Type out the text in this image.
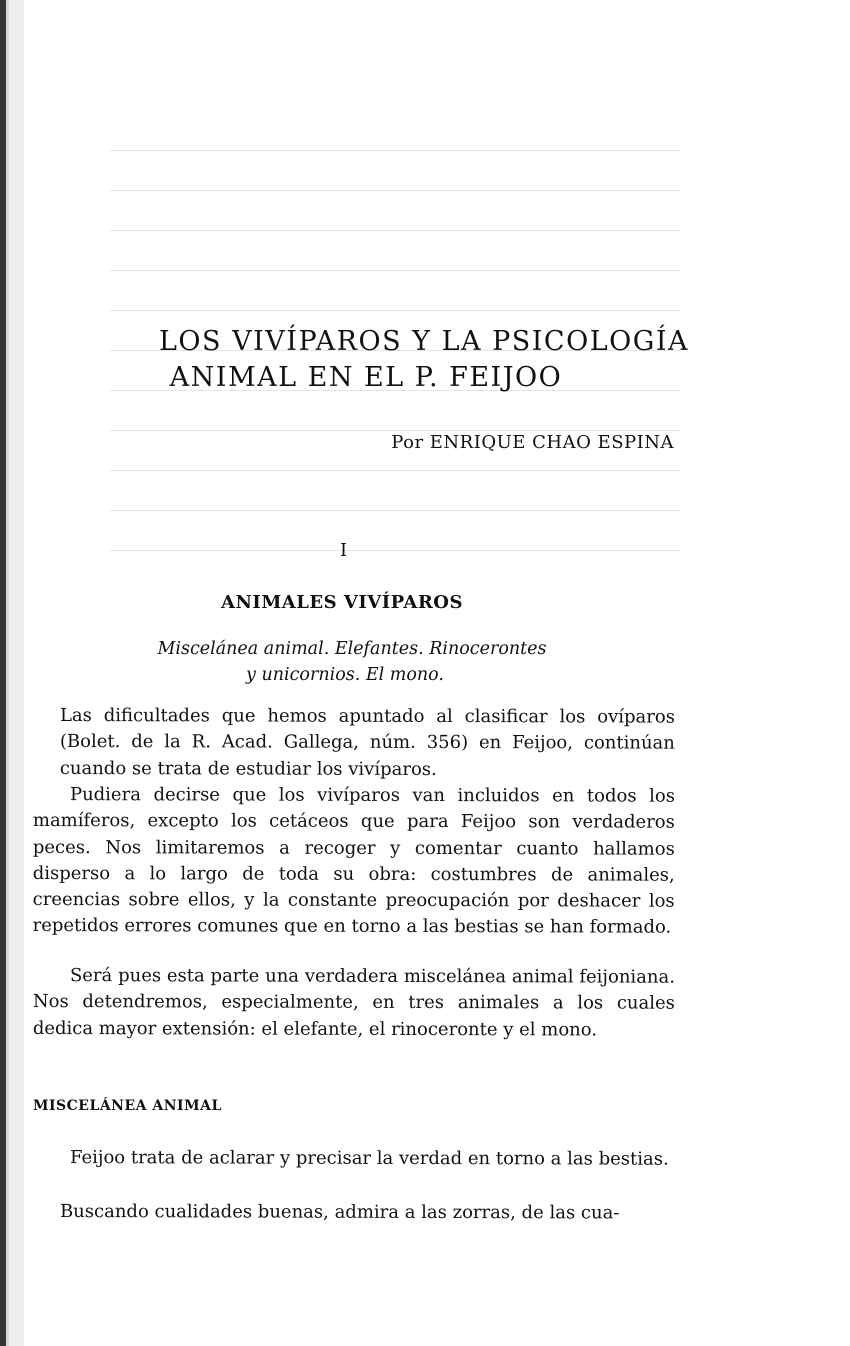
LOS VIVÍPAROS Y LA PSICOLOGÍA
ANIMAL EN EL P. FEIJOO

Por ENRIQUE CHAO ESPINA

I

ANIMALES VIVÍPAROS

Miscelánea animal. Elefantes. Rinocerontes

y unicornios. El mono.

Las dificultades que hemos apuntado al clasificar los ovíparos (Bolet. de la R. Acad. Gallega, núm. 356) en Feijoo, continúan cuando se trata de estudiar los vivíparos.

Pudiera decirse que los vivíparos van incluidos en todos los mamíferos, excepto los cetáceos que para Feijoo son verdaderos peces. Nos limitaremos a recoger y comentar cuanto hallamos disperso a lo largo de toda su obra: costumbres de animales, creencias sobre ellos, y la constante preocupación por deshacer los repetidos errores comunes que en torno a las bestias se han formado.

Será pues esta parte una verdadera miscelánea animal feijoniana. Nos detendremos, especialmente, en tres animales a los cuales dedica mayor extensión: el elefante, el rinoceronte y el mono.

MISCELÁNEA ANIMAL

Feijoo trata de aclarar y precisar la verdad en torno a las bestias.

Buscando cualidades buenas, admira a las zorras, de las cua-
